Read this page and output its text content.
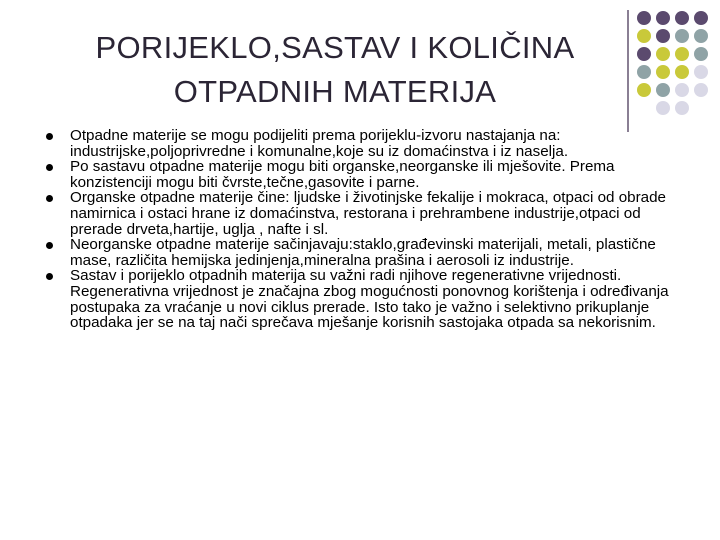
PORIJEKLO,SASTAV I KOLIČINA
OTPADNIH MATERIJA
Otpadne materije se mogu podijeliti prema porijeklu-izvoru nastajanja na: industrijske,poljoprivredne i komunalne,koje su iz domaćinstva i iz naselja.
Po sastavu otpadne materije mogu biti organske,neorganske ili mješovite. Prema konzistenciji mogu biti čvrste,tečne,gasovite i parne.
Organske otpadne materije čine: ljudske i životinjske fekalije i mokraca, otpaci od obrade namirnica i ostaci hrane iz domaćinstva, restorana i prehrambene industrije,otpaci od prerade drveta,hartije, uglja , nafte i sl.
Neorganske otpadne materije sačinjavaju:staklo,građevinski materijali, metali, plastične mase, različita hemijska jedinjenja,mineralna prašina i aerosoli iz industrije.
Sastav i porijeklo otpadnih materija su važni radi njihove regenerativne vrijednosti. Regenerativna vrijednost je značajna zbog mogućnosti ponovnog korištenja i određivanja postupaka za vraćanje u novi ciklus prerade. Isto tako je važno i selektivno prikuplanje otpadaka jer se na taj nači sprečava mješanje korisnih sastojaka otpada sa nekorisnim.
